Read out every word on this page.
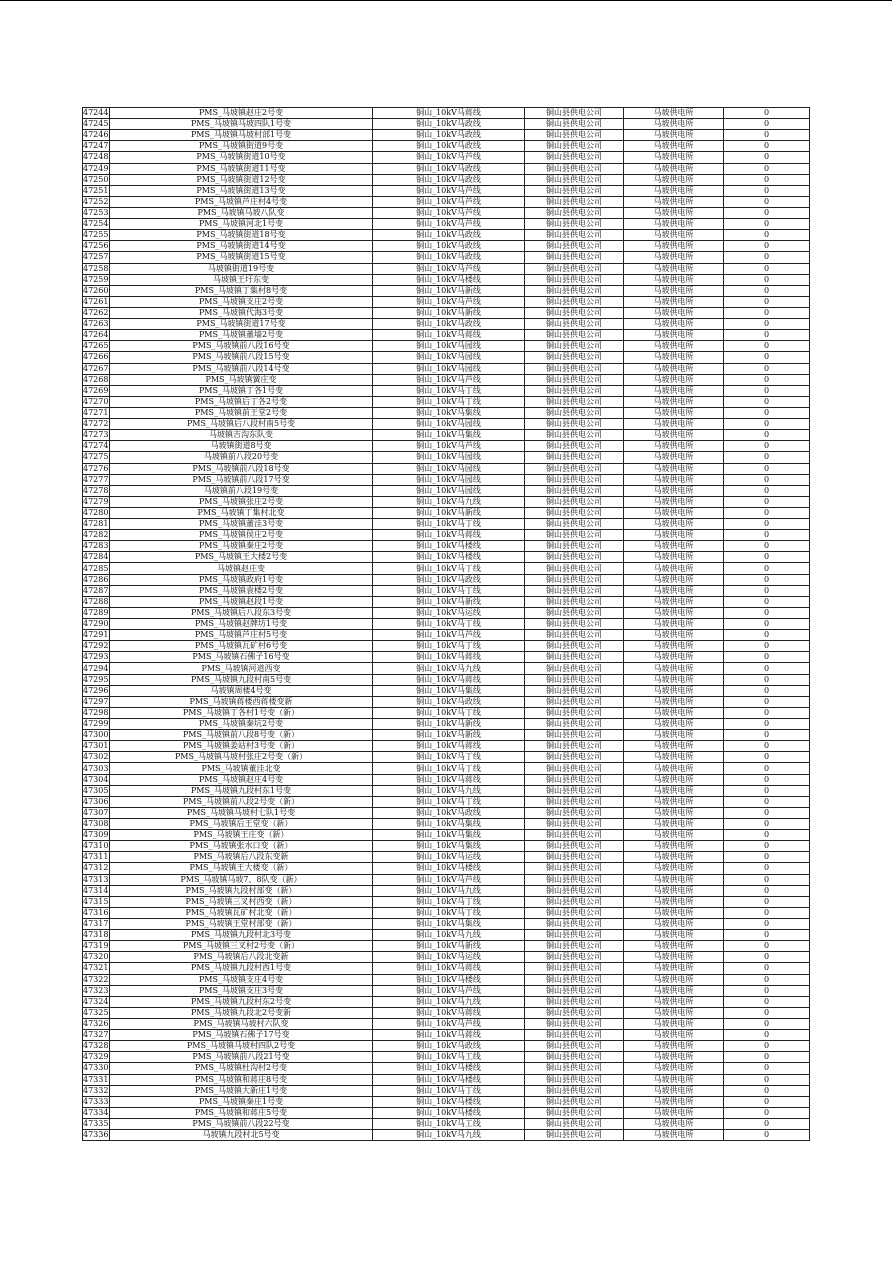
47244	PMS_马坡镇赵庄2号变	铜山_10kV马蒋线	铜山县供电公司	马坡供电所	0
47245	PMS_马坡镇马坡四队1号变	铜山_10kV马政线	铜山县供电公司	马坡供电所	0
47246	PMS_马坡镇马坡村部1号变	铜山_10kV马政线	铜山县供电公司	马坡供电所	0
47247	PMS_马坡镇街道9号变	铜山_10kV马政线	铜山县供电公司	马坡供电所	0
47248	PMS_马坡镇街道10号变	铜山_10kV马芦线	铜山县供电公司	马坡供电所	0
47249	PMS_马坡镇街道11号变	铜山_10kV马政线	铜山县供电公司	马坡供电所	0
47250	PMS_马坡镇街道12号变	铜山_10kV马政线	铜山县供电公司	马坡供电所	0
47251	PMS_马坡镇街道13号变	铜山_10kV马芦线	铜山县供电公司	马坡供电所	0
47252	PMS_马坡镇芦庄村4号变	铜山_10kV马芦线	铜山县供电公司	马坡供电所	0
47253	PMS_马坡镇马坡八队变	铜山_10kV马芦线	铜山县供电公司	马坡供电所	0
47254	PMS_马坡镇河北1号变	铜山_10kV马芦线	铜山县供电公司	马坡供电所	0
47255	PMS_马坡镇街道18号变	铜山_10kV马政线	铜山县供电公司	马坡供电所	0
47256	PMS_马坡镇街道14号变	铜山_10kV马政线	铜山县供电公司	马坡供电所	0
47257	PMS_马坡镇街道15号变	铜山_10kV马政线	铜山县供电公司	马坡供电所	0
47258	马坡镇街道19号变	铜山_10kV马芦线	铜山县供电公司	马坡供电所	0
47259	马坡镇王圩东变	铜山_10kV马楼线	铜山县供电公司	马坡供电所	0
47260	PMS_马坡镇丁集村8号变	铜山_10kV马新线	铜山县供电公司	马坡供电所	0
47261	PMS_马坡镇支庄2号变	铜山_10kV马芦线	铜山县供电公司	马坡供电所	0
47262	PMS_马坡镇代海3号变	铜山_10kV马新线	铜山县供电公司	马坡供电所	0
47263	PMS_马坡镇街道17号变	铜山_10kV马政线	铜山县供电公司	马坡供电所	0
47264	PMS_马坡镇董墙2号变	铜山_10kV马蒋线	铜山县供电公司	马坡供电所	0
47265	PMS_马坡镇前八段16号变	铜山_10kV马园线	铜山县供电公司	马坡供电所	0
47266	PMS_马坡镇前八段15号变	铜山_10kV马园线	铜山县供电公司	马坡供电所	0
47267	PMS_马坡镇前八段14号变	铜山_10kV马园线	铜山县供电公司	马坡供电所	0
47268	PMS_马坡镇黉庄变	铜山_10kV马芦线	铜山县供电公司	马坡供电所	0
47269	PMS_马坡镇丁各1号变	铜山_10kV马丁线	铜山县供电公司	马坡供电所	0
47270	PMS_马坡镇后丁各2号变	铜山_10kV马丁线	铜山县供电公司	马坡供电所	0
47271	PMS_马坡镇前王堂2号变	铜山_10kV马集线	铜山县供电公司	马坡供电所	0
47272	PMS_马坡镇后八段村南5号变	铜山_10kV马园线	铜山县供电公司	马坡供电所	0
47273	马坡镇吉沟东队变	铜山_10kV马集线	铜山县供电公司	马坡供电所	0
47274	马坡镇街道8号变	铜山_10kV马芦线	铜山县供电公司	马坡供电所	0
47275	马坡镇前八段20号变	铜山_10kV马园线	铜山县供电公司	马坡供电所	0
47276	PMS_马坡镇前八段18号变	铜山_10kV马园线	铜山县供电公司	马坡供电所	0
47277	PMS_马坡镇前八段17号变	铜山_10kV马园线	铜山县供电公司	马坡供电所	0
47278	马坡镇前八段19号变	铜山_10kV马园线	铜山县供电公司	马坡供电所	0
47279	PMS_马坡镇张庄2号变	铜山_10kV马九线	铜山县供电公司	马坡供电所	0
47280	PMS_马坡镇丁集村北变	铜山_10kV马新线	铜山县供电公司	马坡供电所	0
47281	PMS_马坡镇董洼3号变	铜山_10kV马丁线	铜山县供电公司	马坡供电所	0
47282	PMS_马坡镇侯庄2号变	铜山_10kV马蒋线	铜山县供电公司	马坡供电所	0
47283	PMS_马坡镇秦庄2号变	铜山_10kV马楼线	铜山县供电公司	马坡供电所	0
47284	PMS_马坡镇王大楼2号变	铜山_10kV马楼线	铜山县供电公司	马坡供电所	0
47285	马坡镇赵庄变	铜山_10kV马丁线	铜山县供电公司	马坡供电所	0
47286	PMS_马坡镇政府1号变	铜山_10kV马政线	铜山县供电公司	马坡供电所	0
47287	PMS_马坡镇袁楼2号变	铜山_10kV马丁线	铜山县供电公司	马坡供电所	0
47288	PMS_马坡镇赵段1号变	铜山_10kV马新线	铜山县供电公司	马坡供电所	0
47289	PMS_马坡镇后八段东3号变	铜山_10kV马运线	铜山县供电公司	马坡供电所	0
47290	PMS_马坡镇赵牌坊1号变	铜山_10kV马丁线	铜山县供电公司	马坡供电所	0
47291	PMS_马坡镇芦庄村5号变	铜山_10kV马芦线	铜山县供电公司	马坡供电所	0
47292	PMS_马坡镇瓦矿村6号变	铜山_10kV马丁线	铜山县供电公司	马坡供电所	0
47293	PMS_马坡镇石佛子16号变	铜山_10kV马蒋线	铜山县供电公司	马坡供电所	0
47294	PMS_马坡镇河道西变	铜山_10kV马九线	铜山县供电公司	马坡供电所	0
47295	PMS_马坡镇九段村南5号变	铜山_10kV马蒋线	铜山县供电公司	马坡供电所	0
47296	马坡镇周楼4号变	铜山_10kV马集线	铜山县供电公司	马坡供电所	0
47297	PMS_马坡镇蒋楼西蒋楼变新	铜山_10kV马政线	铜山县供电公司	马坡供电所	0
47298	PMS_马坡镇丁各村1号变（新）	铜山_10kV马丁线	铜山县供电公司	马坡供电所	0
47299	PMS_马坡镇秦坑2号变	铜山_10kV马新线	铜山县供电公司	马坡供电所	0
47300	PMS_马坡镇前八段8号变（新）	铜山_10kV马新线	铜山县供电公司	马坡供电所	0
47301	PMS_马坡镇姜站村3号变（新）	铜山_10kV马蒋线	铜山县供电公司	马坡供电所	0
47302	PMS_马坡镇马坡村张庄2号变（新）	铜山_10kV马丁线	铜山县供电公司	马坡供电所	0
47303	PMS_马坡镇董洼北变	铜山_10kV马丁线	铜山县供电公司	马坡供电所	0
47304	PMS_马坡镇赵庄4号变	铜山_10kV马蒋线	铜山县供电公司	马坡供电所	0
47305	PMS_马坡镇九段村东1号变	铜山_10kV马九线	铜山县供电公司	马坡供电所	0
47306	PMS_马坡镇前八段2号变（新）	铜山_10kV马丁线	铜山县供电公司	马坡供电所	0
47307	PMS_马坡镇马坡村七队1号变	铜山_10kV马政线	铜山县供电公司	马坡供电所	0
47308	PMS_马坡镇后王堂变（新）	铜山_10kV马集线	铜山县供电公司	马坡供电所	0
47309	PMS_马坡镇王庄变（新）	铜山_10kV马集线	铜山县供电公司	马坡供电所	0
47310	PMS_马坡镇张水口变（新）	铜山_10kV马集线	铜山县供电公司	马坡供电所	0
47311	PMS_马坡镇后八段东变新	铜山_10kV马运线	铜山县供电公司	马坡供电所	0
47312	PMS_马坡镇王大楼变（新）	铜山_10kV马楼线	铜山县供电公司	马坡供电所	0
47313	PMS_马坡镇马坡7、8队变（新）	铜山_10kV马芦线	铜山县供电公司	马坡供电所	0
47314	PMS_马坡镇九段村部变（新）	铜山_10kV马九线	铜山县供电公司	马坡供电所	0
47315	PMS_马坡镇三叉村西变（新）	铜山_10kV马丁线	铜山县供电公司	马坡供电所	0
47316	PMS_马坡镇瓦矿村北变（新）	铜山_10kV马丁线	铜山县供电公司	马坡供电所	0
47317	PMS_马坡镇王堂村部变（新）	铜山_10kV马集线	铜山县供电公司	马坡供电所	0
47318	PMS_马坡镇九段村北3号变	铜山_10kV马九线	铜山县供电公司	马坡供电所	0
47319	PMS_马坡镇三叉村2号变（新）	铜山_10kV马新线	铜山县供电公司	马坡供电所	0
47320	PMS_马坡镇后八段北变新	铜山_10kV马运线	铜山县供电公司	马坡供电所	0
47321	PMS_马坡镇九段村西1号变	铜山_10kV马蒋线	铜山县供电公司	马坡供电所	0
47322	PMS_马坡镇支庄4号变	铜山_10kV马楼线	铜山县供电公司	马坡供电所	0
47323	PMS_马坡镇支庄3号变	铜山_10kV马芦线	铜山县供电公司	马坡供电所	0
47324	PMS_马坡镇九段村东2号变	铜山_10kV马九线	铜山县供电公司	马坡供电所	0
47325	PMS_马坡镇九段北2号变新	铜山_10kV马蒋线	铜山县供电公司	马坡供电所	0
47326	PMS_马坡镇马坡村六队变	铜山_10kV马芦线	铜山县供电公司	马坡供电所	0
47327	PMS_马坡镇石佛子17号变	铜山_10kV马蒋线	铜山县供电公司	马坡供电所	0
47328	PMS_马坡镇马坡村四队2号变	铜山_10kV马政线	铜山县供电公司	马坡供电所	0
47329	PMS_马坡镇前八段21号变	铜山_10kV马工线	铜山县供电公司	马坡供电所	0
47330	PMS_马坡镇杜沟村2号变	铜山_10kV马楼线	铜山县供电公司	马坡供电所	0
47331	PMS_马坡镇和蒋庄8号变	铜山_10kV马楼线	铜山县供电公司	马坡供电所	0
47332	PMS_马坡镇大新庄1号变	铜山_10kV马丁线	铜山县供电公司	马坡供电所	0
47333	PMS_马坡镇秦庄1号变	铜山_10kV马楼线	铜山县供电公司	马坡供电所	0
47334	PMS_马坡镇和蒋庄5号变	铜山_10kV马楼线	铜山县供电公司	马坡供电所	0
47335	PMS_马坡镇前八段22号变	铜山_10kV马工线	铜山县供电公司	马坡供电所	0
47336	马坡镇九段村北5号变	铜山_10kV马九线	铜山县供电公司	马坡供电所	0
